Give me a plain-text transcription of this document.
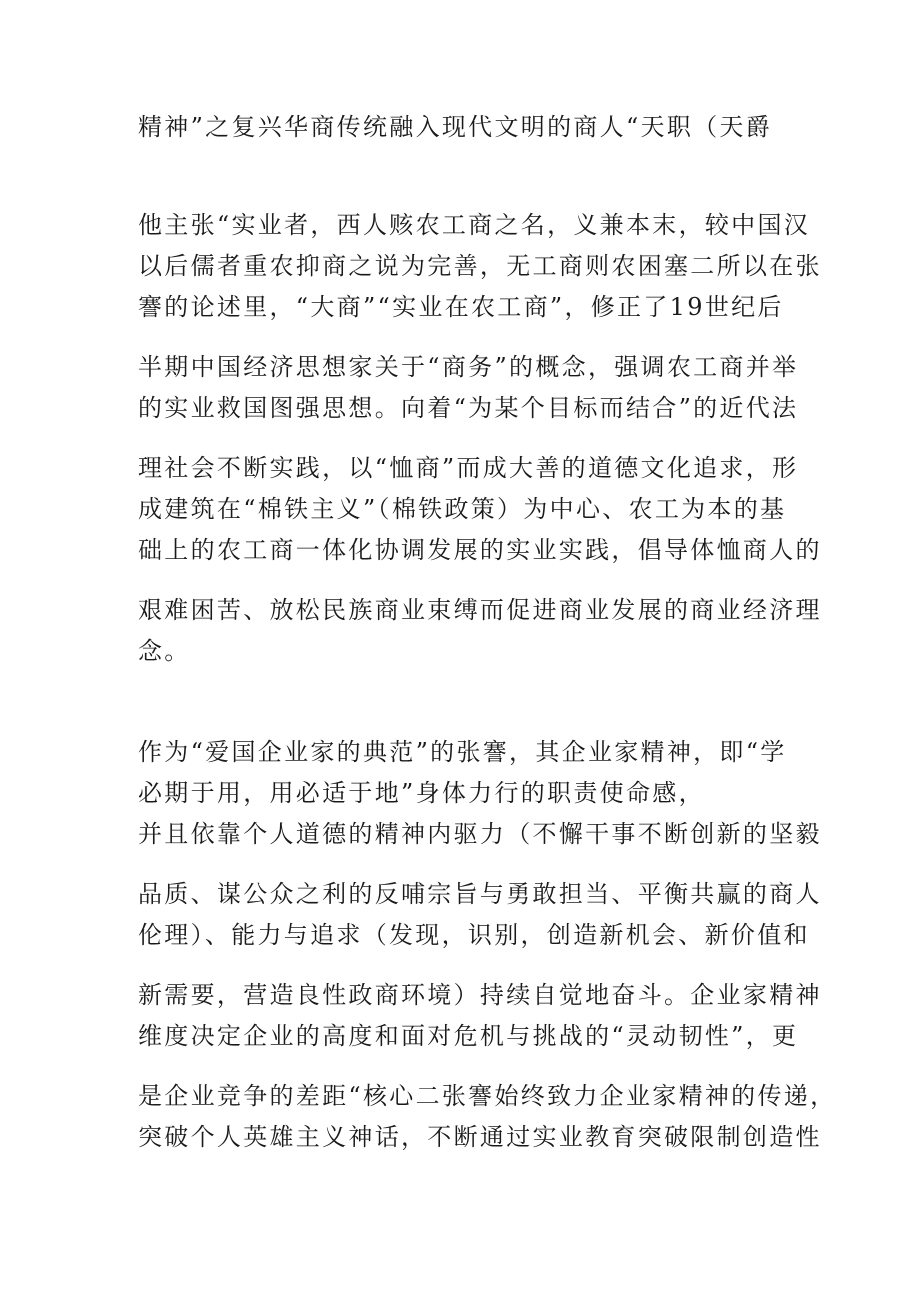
精神”之复兴华商传统融入现代文明的商人“天职（天爵

他主张“实业者，西人赅农工商之名，义兼本末，较中国汉

以后儒者重农抑商之说为完善，无工商则农困塞二所以在张

謇的论述里，“大商”“实业在农工商”，修正了19世纪后

半期中国经济思想家关于“商务”的概念，强调农工商并举

的实业救国图强思想。向着“为某个目标而结合”的近代法

理社会不断实践，以“恤商”而成大善的道德文化追求，形

成建筑在“棉铁主义”（棉铁政策）为中心、农工为本的基

础上的农工商一体化协调发展的实业实践，倡导体恤商人的

艰难困苦、放松民族商业束缚而促进商业发展的商业经济理

念。

作为“爱国企业家的典范”的张謇，其企业家精神，即“学

必期于用，用必适于地”身体力行的职责使命感，

并且依靠个人道德的精神内驱力（不懈干事不断创新的坚毅

品质、谋公众之利的反哺宗旨与勇敢担当、平衡共赢的商人

伦理）、能力与追求（发现，识别，创造新机会、新价值和

新需要，营造良性政商环境）持续自觉地奋斗。企业家精神

维度决定企业的高度和面对危机与挑战的“灵动韧性”，更

是企业竞争的差距“核心二张謇始终致力企业家精神的传递，

突破个人英雄主义神话，不断通过实业教育突破限制创造性
